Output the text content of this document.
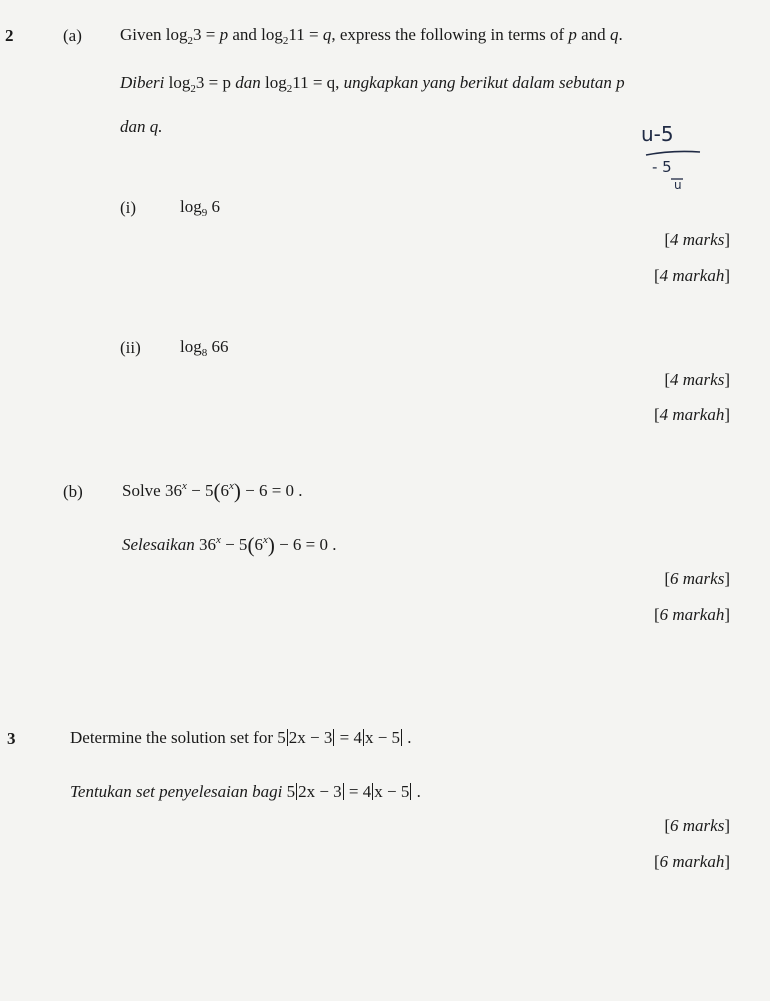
2	(a) Given $\log_23 = p$ and $\log_211 = q$, express the following in terms of p and q.
Diberi $\log_23 = p$ dan $\log_211 = q$, ungkapkan yang berikut dalam sebutan p
dan q.	u-5
- 5
u
(i)	$\log_9 6$
[4 marks]
[4 markah]
(ii) $\log_8 66$
[4 marks]
[4 markah]
(b) Solve $36^x - 5(6^x) - 6 = 0$ .
Selesaikan $36^x - 5(6^x) - 6 = 0$ .
[6 marks]
[6 markah]
3	Determine the solution set for 5 2x − 3 = 4 x − 5 .
Tentukan set penyelesaian bagi 5 2x − 3 = 4 x − 5 .
[6 marks]
[6 markah]
